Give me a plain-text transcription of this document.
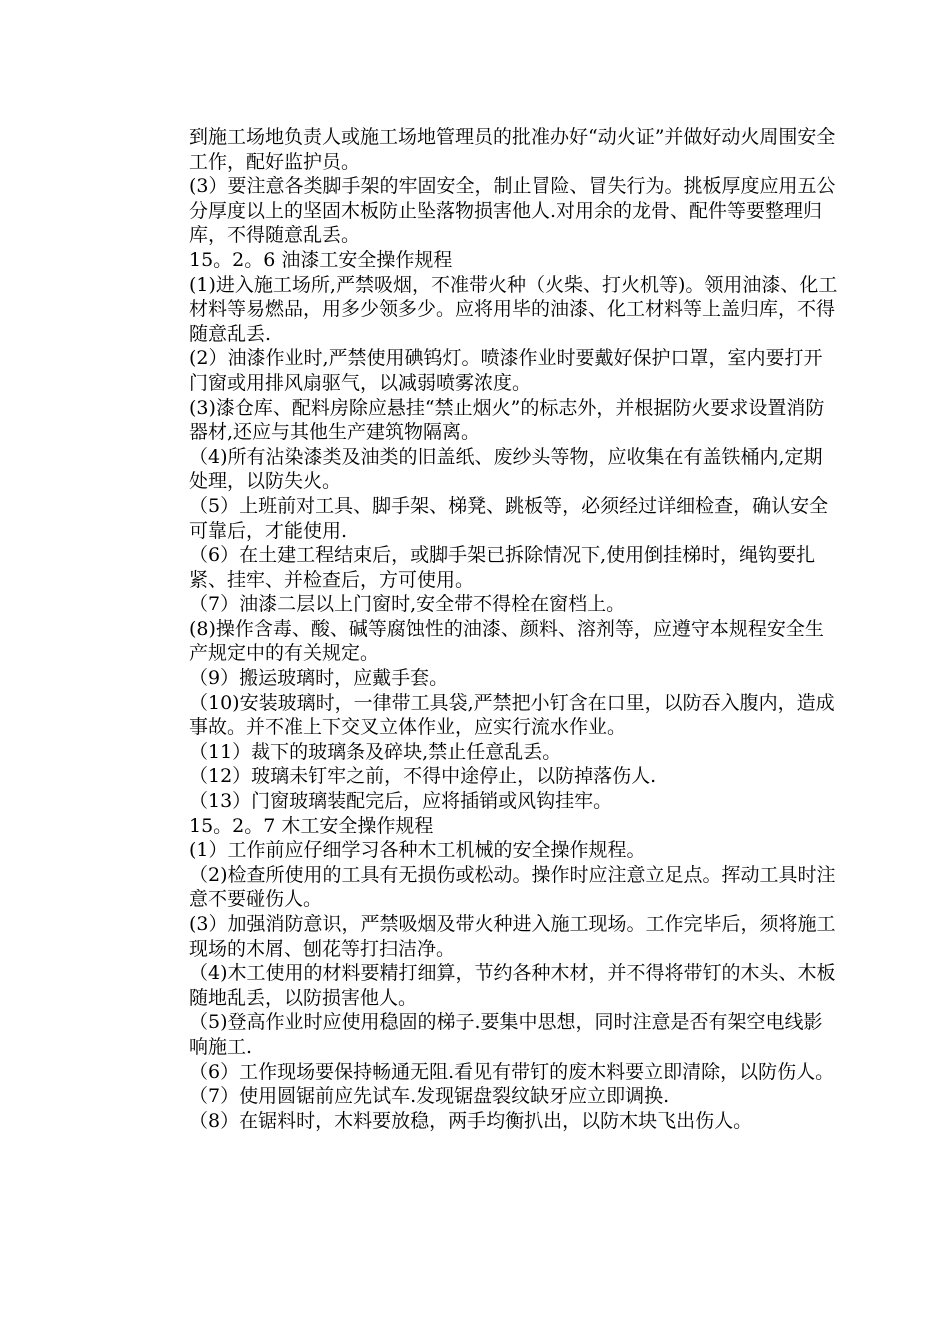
到施工场地负责人或施工场地管理员的批准办好“动火证”并做好动火周围安全工作，配好监护员。

(3）要注意各类脚手架的牢固安全，制止冒险、冒失行为。挑板厚度应用五公分厚度以上的坚固木板防止坠落物损害他人.对用余的龙骨、配件等要整理归库，不得随意乱丢。

15。2。6 油漆工安全操作规程

(1)进入施工场所,严禁吸烟，不准带火种（火柴、打火机等)。领用油漆、化工材料等易燃品，用多少领多少。应将用毕的油漆、化工材料等上盖归库，不得随意乱丢.

(2）油漆作业时,严禁使用碘钨灯。喷漆作业时要戴好保护口罩，室内要打开门窗或用排风扇驱气，以减弱喷雾浓度。

(3)漆仓库、配料房除应悬挂“禁止烟火”的标志外，并根据防火要求设置消防器材,还应与其他生产建筑物隔离。

（4)所有沾染漆类及油类的旧盖纸、废纱头等物，应收集在有盖铁桶内,定期处理，以防失火。

（5）上班前对工具、脚手架、梯凳、跳板等，必须经过详细检查，确认安全可靠后，才能使用.

（6）在土建工程结束后，或脚手架已拆除情况下,使用倒挂梯时，绳钩要扎紧、挂牢、并检查后，方可使用。

（7）油漆二层以上门窗时,安全带不得栓在窗档上。

(8)操作含毒、酸、碱等腐蚀性的油漆、颜料、溶剂等，应遵守本规程安全生产规定中的有关规定。

（9）搬运玻璃时，应戴手套。

（10)安装玻璃时，一律带工具袋,严禁把小钉含在口里，以防吞入腹内，造成事故。并不准上下交叉立体作业，应实行流水作业。

（11）裁下的玻璃条及碎块,禁止任意乱丢。

（12）玻璃未钉牢之前，不得中途停止，以防掉落伤人.

（13）门窗玻璃装配完后，应将插销或风钩挂牢。

15。2。7 木工安全操作规程

(1）工作前应仔细学习各种木工机械的安全操作规程。

（2)检查所使用的工具有无损伤或松动。操作时应注意立足点。挥动工具时注意不要碰伤人。

(3）加强消防意识，严禁吸烟及带火种进入施工现场。工作完毕后，须将施工现场的木屑、刨花等打扫洁净。

（4)木工使用的材料要精打细算，节约各种木材，并不得将带钉的木头、木板随地乱丢，以防损害他人。

（5)登高作业时应使用稳固的梯子.要集中思想，同时注意是否有架空电线影响施工.

（6）工作现场要保持畅通无阻.看见有带钉的废木料要立即清除，以防伤人。

（7）使用圆锯前应先试车.发现锯盘裂纹缺牙应立即调换.

（8）在锯料时，木料要放稳，两手均衡扒出，以防木块飞出伤人。
